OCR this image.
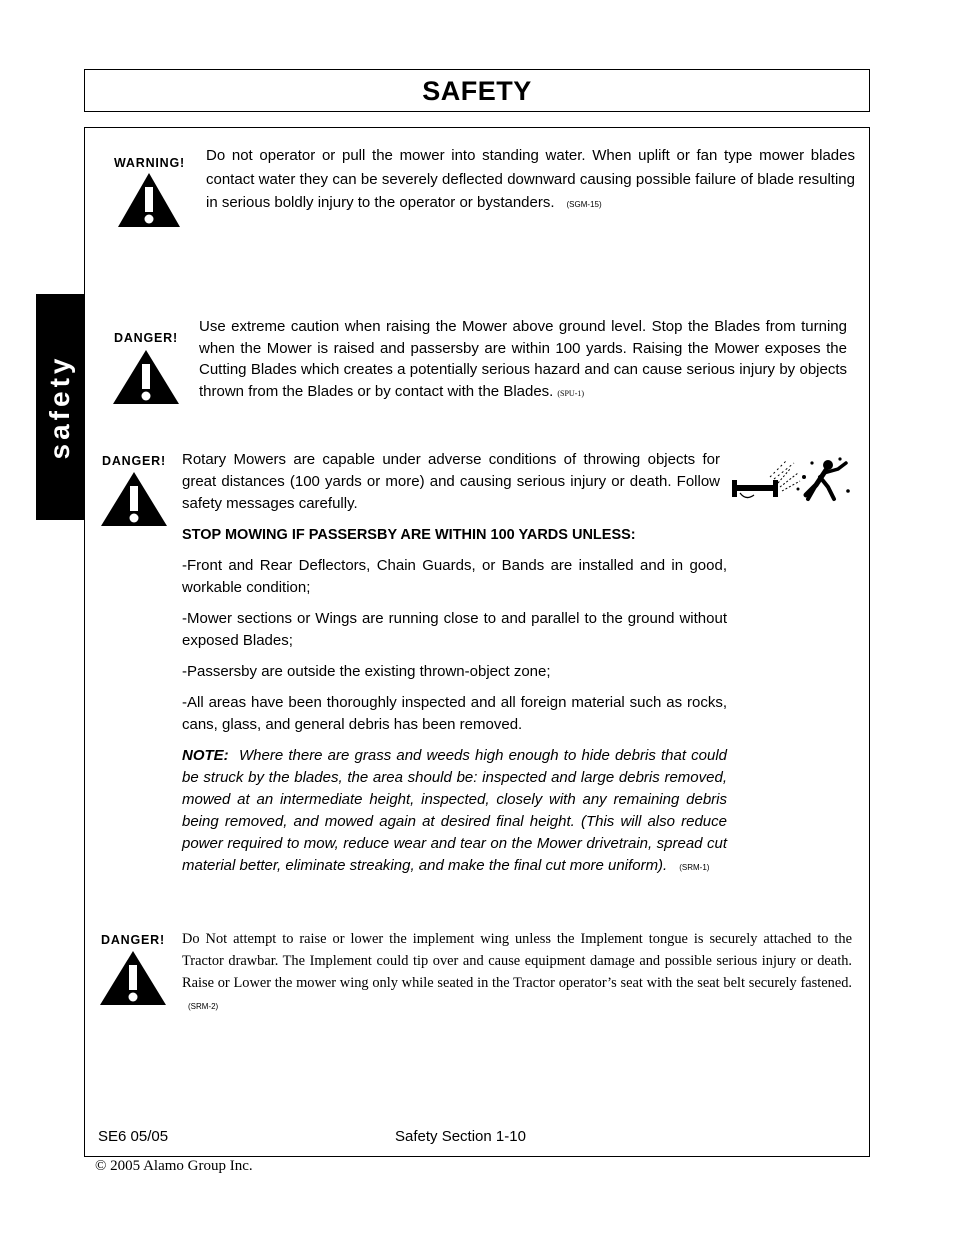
SAFETY
safety
WARNING! Do not operator or pull the mower into standing water. When uplift or fan type mower blades contact water they can be severely deflected downward causing possible failure of blade resulting in serious boldly injury to the operator or bystanders. (SGM-15)
DANGER!
Use extreme caution when raising the Mower above ground level. Stop the Blades from turning when the Mower is raised and passersby are within 100 yards. Raising the Mower exposes the Cutting Blades which creates a potentially serious hazard and can cause serious injury by objects thrown from the Blades or by contact with the Blades. (SPU-1)
DANGER! Rotary Mowers are capable under adverse conditions of throwing objects for great distances (100 yards or more) and causing serious injury or death. Follow safety messages carefully.
STOP MOWING IF PASSERSBY ARE WITHIN 100 YARDS UNLESS:
-Front and Rear Deflectors, Chain Guards, or Bands are installed and in good, workable condition;
-Mower sections or Wings are running close to and parallel to the ground without exposed Blades;
-Passersby are outside the existing thrown-object zone;
-All areas have been thoroughly inspected and all foreign material such as rocks, cans, glass, and general debris has been removed.
NOTE: Where there are grass and weeds high enough to hide debris that could be struck by the blades, the area should be: inspected and large debris removed, mowed at an intermediate height, inspected, closely with any remaining debris being removed, and mowed again at desired final height. (This will also reduce power required to mow, reduce wear and tear on the Mower drivetrain, spread cut material better, eliminate streaking, and make the final cut more uniform). (SRM-1)
DANGER! Do Not attempt to raise or lower the implement wing unless the Implement tongue is securely attached to the Tractor drawbar. The Implement could tip over and cause equipment damage and possible serious injury or death. Raise or Lower the mower wing only while seated in the Tractor operator’s seat with the seat belt securely fastened.(SRM-2)
SE6 05/05	Safety Section 1-10
© 2005 Alamo Group Inc.
